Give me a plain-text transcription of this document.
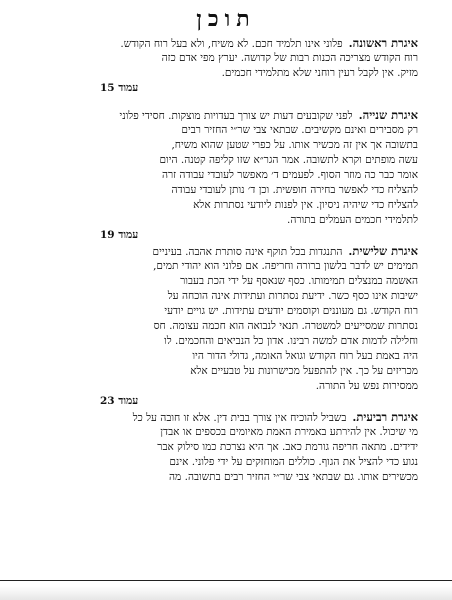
תוכן
איגרת ראשונה.פלוני אינו תלמיד חכם. לא משיח, ולא בעל רוח הקודש.
רוח הקודש מצריכה הכנות רבות של קדושה. יערץ מפי אדם כזה
מזיק. אין לקבל רעין רוחני שלא מתלמידי חכמים.
עמוד 15
איגרת שנייה.לפני שקובעים דעות יש צורך בעדויות מוצקות. חסידי פלוני
רק מסבירים ואינם מקשיבים. שבתאי צבי שר״י החזיר רבים
בתשובה אך אין זה מכשיר אותו. על כפרי שטען שהוא משיח,
עשה מופתים וקרא לתשובה. אמר הגר״א שזו קליפה קטנה. היום
אומר כבר כה מוזר הסוף. לפעמים ד׳ מאפשר לעובדי עבודה זרה
להצליח כדי לאפשר בחירה חופשית. וכן ד׳ נותן לעובדי עבודה
להצליח כדי שיהיה ניסיון. אין לפנות ליודעי נסתרות אלא
לתלמידי חכמים העמלים בתורה.
עמוד 19
איגרת שלישית.התנגדות בכל תוקף אינה סותרת אהבה. בעיניים
תמימים יש לדבר בלשון ברורה וחריפה. אם פלוני הוא יהודי תמים,
האשמה במנצלים תמימותו. כסף שנאסף על ידי הכת בעבור
ישיבות אינו כסף כשר. ידיעת נסתרות ועתידות אינה הוכחה על
רוח הקודש. גם מעוננים וקוסמים יודעים עתידות. יש גויים יודעי
נסתרות שמסייעים למשטרה. תנאי לנבואה הוא חכמה עצומה. חס
וחלילה לדמות אדם למשה רבינו. אדון כל הנביאים והחכמים. לו
היה באמת בעל רוח הקודש וגואל האומה, גדולי הדור היו
מכריזים על כך. אין להתפעל מכישרונות על טבעיים אלא
ממסירות נפש על התורה.
עמוד 23
איגרת רביעית.בשביל להוכיח אין צורך בבית דין. אלא זו חובה על כל
מי שיכול. אין להירתע באמירת האמת מאיומים בכספים או אבדן
ידידים. מתאה חריפה גורמת כאב. אך היא נצרכת כמו סילוק אבר
נגוע כדי להציל את הגוף. כוללים המוחזקים על ידי פלוני. אינם
מכשירים אותו. גם שבתאי צבי שר״י החזיר רבים בתשובה. מה
